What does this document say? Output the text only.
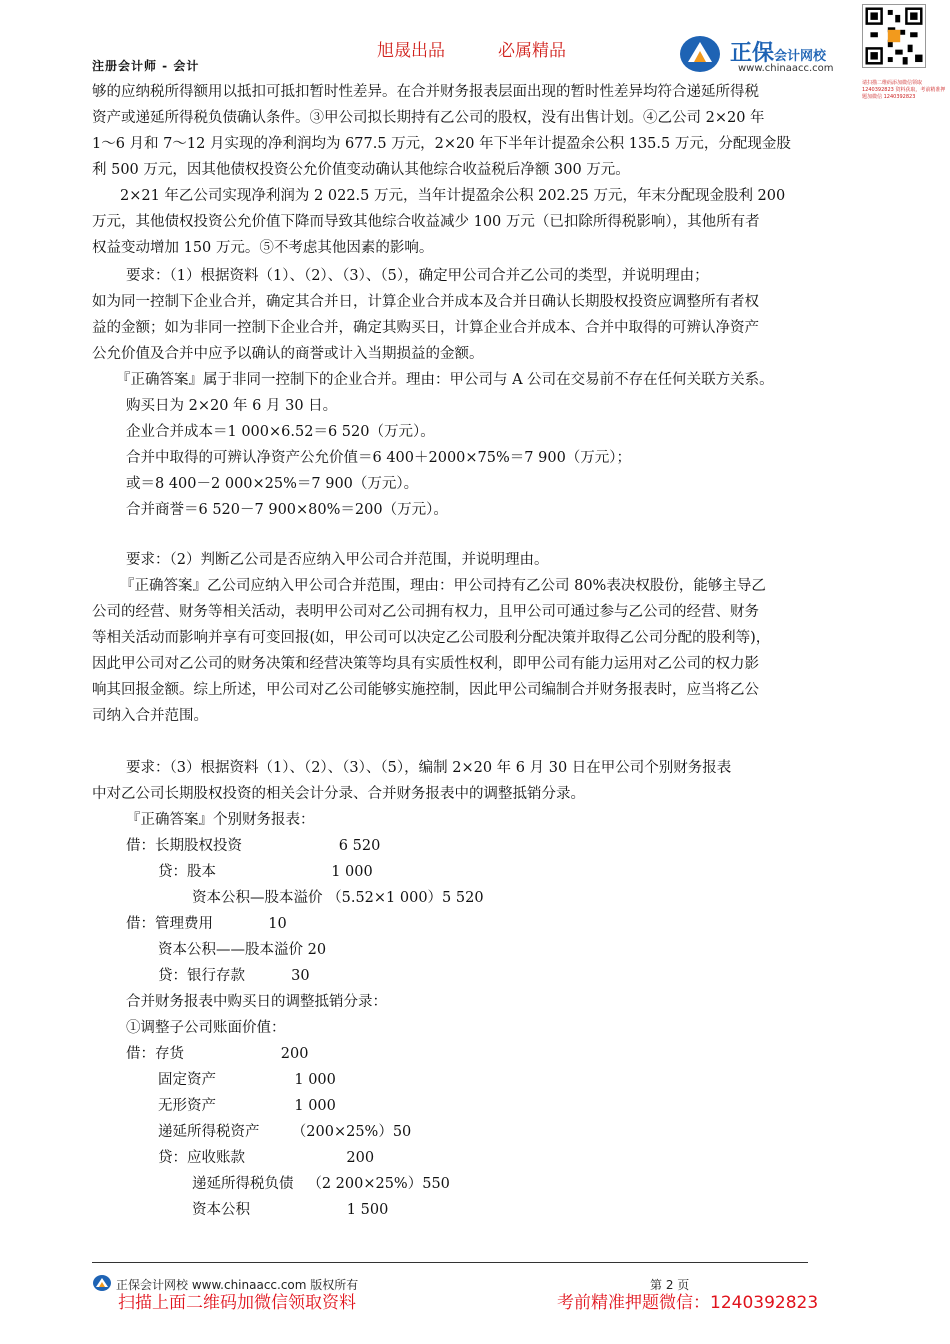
旭晟出品	必属精品
注册会计师 - 会计	正保会计网校
www.chinaacc.com
请扫描二维码添加微信领取 1240392823 资料获取，考前精准押题加微信 1240392823
够的应纳税所得额用以抵扣可抵扣暂时性差异。在合并财务报表层面出现的暂时性差异均符合递延所得税
资产或递延所得税负债确认条件。③甲公司拟长期持有乙公司的股权，没有出售计划。④乙公司 2×20 年
1～6 月和 7～12 月实现的净利润均为 677.5 万元，2×20 年下半年计提盈余公积 135.5 万元，分配现金股
利 500 万元，因其他债权投资公允价值变动确认其他综合收益税后净额 300 万元。
2×21 年乙公司实现净利润为 2 022.5 万元，当年计提盈余公积 202.25 万元，年末分配现金股利 200
万元，其他债权投资公允价值下降而导致其他综合收益减少 100 万元（已扣除所得税影响），其他所有者
权益变动增加 150 万元。⑤不考虑其他因素的影响。
要求：（1）根据资料（1）、（2）、（3）、（5），确定甲公司合并乙公司的类型，并说明理由；
如为同一控制下企业合并，确定其合并日，计算企业合并成本及合并日确认长期股权投资应调整所有者权
益的金额；如为非同一控制下企业合并，确定其购买日，计算企业合并成本、合并中取得的可辨认净资产
公允价值及合并中应予以确认的商誉或计入当期损益的金额。
『正确答案』属于非同一控制下的企业合并。理由：甲公司与 A 公司在交易前不存在任何关联方关系。
购买日为 2×20 年 6 月 30 日。
企业合并成本＝1 000×6.52＝6 520（万元）。
合并中取得的可辨认净资产公允价值＝6 400＋2000×75%＝7 900（万元）；
或＝8 400－2 000×25%＝7 900（万元）。
合并商誉＝6 520－7 900×80%＝200（万元）。
要求：（2）判断乙公司是否应纳入甲公司合并范围，并说明理由。
『正确答案』乙公司应纳入甲公司合并范围，理由：甲公司持有乙公司 80%表决权股份，能够主导乙
公司的经营、财务等相关活动，表明甲公司对乙公司拥有权力，且甲公司可通过参与乙公司的经营、财务
等相关活动而影响并享有可变回报(如，甲公司可以决定乙公司股利分配决策并取得乙公司分配的股利等)，
因此甲公司对乙公司的财务决策和经营决策等均具有实质性权利，即甲公司有能力运用对乙公司的权力影
响其回报金额。综上所述，甲公司对乙公司能够实施控制，因此甲公司编制合并财务报表时，应当将乙公
司纳入合并范围。
要求：（3）根据资料（1）、（2）、（3）、（5），编制 2×20 年 6 月 30 日在甲公司个别财务报表
中对乙公司长期股权投资的相关会计分录、合并财务报表中的调整抵销分录。
『正确答案』个别财务报表：
借：长期股权投资                     6 520
贷：股本                         1 000
资本公积—股本溢价 （5.52×1 000）5 520
借：管理费用            10
资本公积——股本溢价 20
贷：银行存款          30
合并财务报表中购买日的调整抵销分录：
①调整子公司账面价值：
借：存货                     200
固定资产                 1 000
无形资产                 1 000
递延所得税资产       （200×25%）50
贷：应收账款                      200
递延所得税负债   （2 200×25%）550
资本公积                     1 500
正保会计网校 www.chinaacc.com 版权所有	第 2 页
扫描上面二维码加微信领取资料	考前精准押题微信：1240392823
